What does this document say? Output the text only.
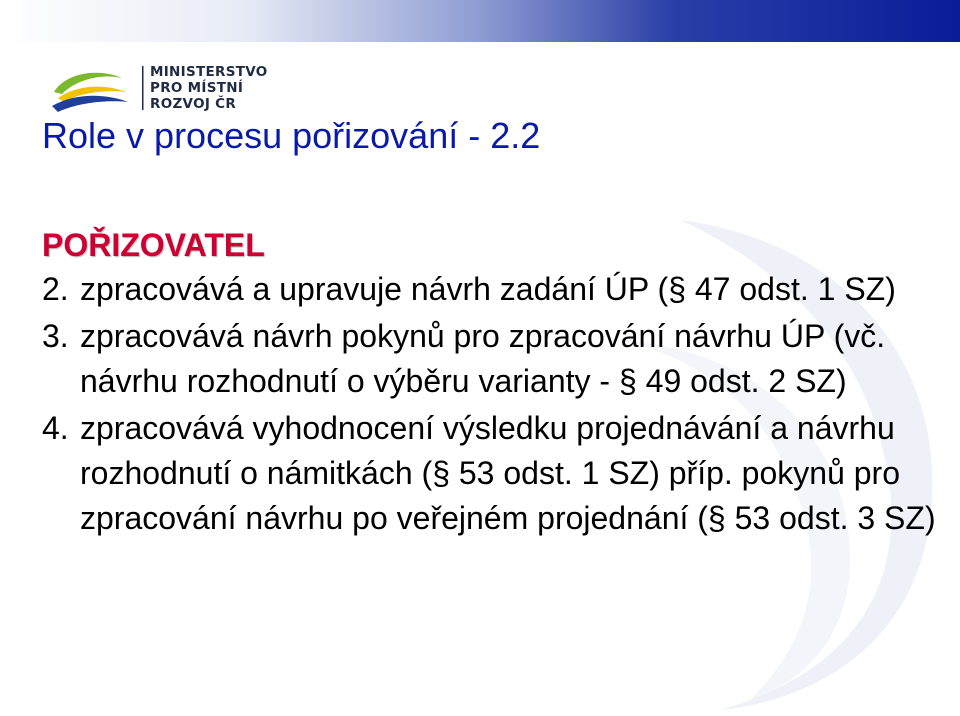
MINISTERSTVO
PRO MÍSTNÍ
ROZVOJ ČR
Role v procesu pořizování - 2.2
POŘIZOVATEL
2. zpracovává a upravuje návrh zadání ÚP (§ 47 odst. 1 SZ)
3. zpracovává návrh pokynů pro zpracování návrhu ÚP (vč. návrhu rozhodnutí o výběru varianty - § 49 odst. 2 SZ)
4. zpracovává vyhodnocení výsledku projednávání a návrhu rozhodnutí o námitkách (§ 53 odst. 1 SZ) příp. pokynů pro zpracování návrhu po veřejném projednání (§ 53 odst. 3 SZ)
